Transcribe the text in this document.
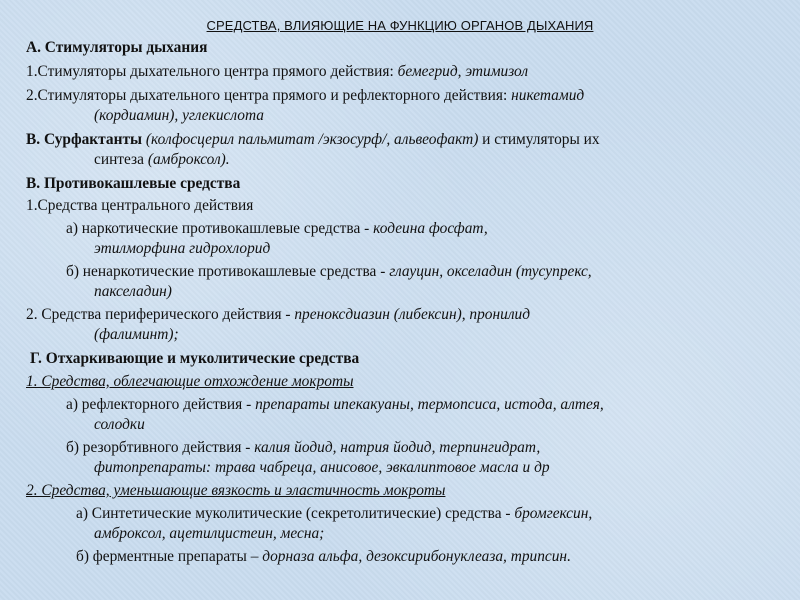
СРЕДСТВА, ВЛИЯЮЩИЕ НА ФУНКЦИЮ ОРГАНОВ ДЫХАНИЯ
А. Стимуляторы дыхания
1.Стимуляторы дыхательного центра прямого действия: бемегрид, этимизол
2.Стимуляторы дыхательного центра прямого и рефлекторного действия: никетамид
(кордиамин), углекислота
В. Сурфактанты (колфосцерил пальмитат /экзосурф/, альвеофакт) и стимуляторы их
синтеза (амброксол).
В. Противокашлевые средства
1.Средства центрального действия
а) наркотические противокашлевые средства - кодеина фосфат,
этилморфина гидрохлорид
б) ненаркотические противокашлевые средства - глауцин, окселадин (тусупрекс,
пакселадин)
2. Средства периферического действия - преноксдиазин (либексин), пронилид
(фалиминт);
Г. Отхаркивающие и муколитические средства
1. Средства, облегчающие отхождение мокроты
а) рефлекторного действия - препараты ипекакуаны, термопсиса, истода, алтея,
солодки
б) резорбтивного действия - калия йодид, натрия йодид, терпингидрат,
фитопрепараты: трава чабреца, анисовое, эвкалиптовое масла и др
2. Средства, уменьшающие вязкость и эластичность мокроты
а) Синтетические муколитические (секретолитические) средства - бромгексин,
амброксол, ацетилцистеин, месна;
б) ферментные препараты – дорназа альфа, дезоксирибонуклеаза, трипсин.
